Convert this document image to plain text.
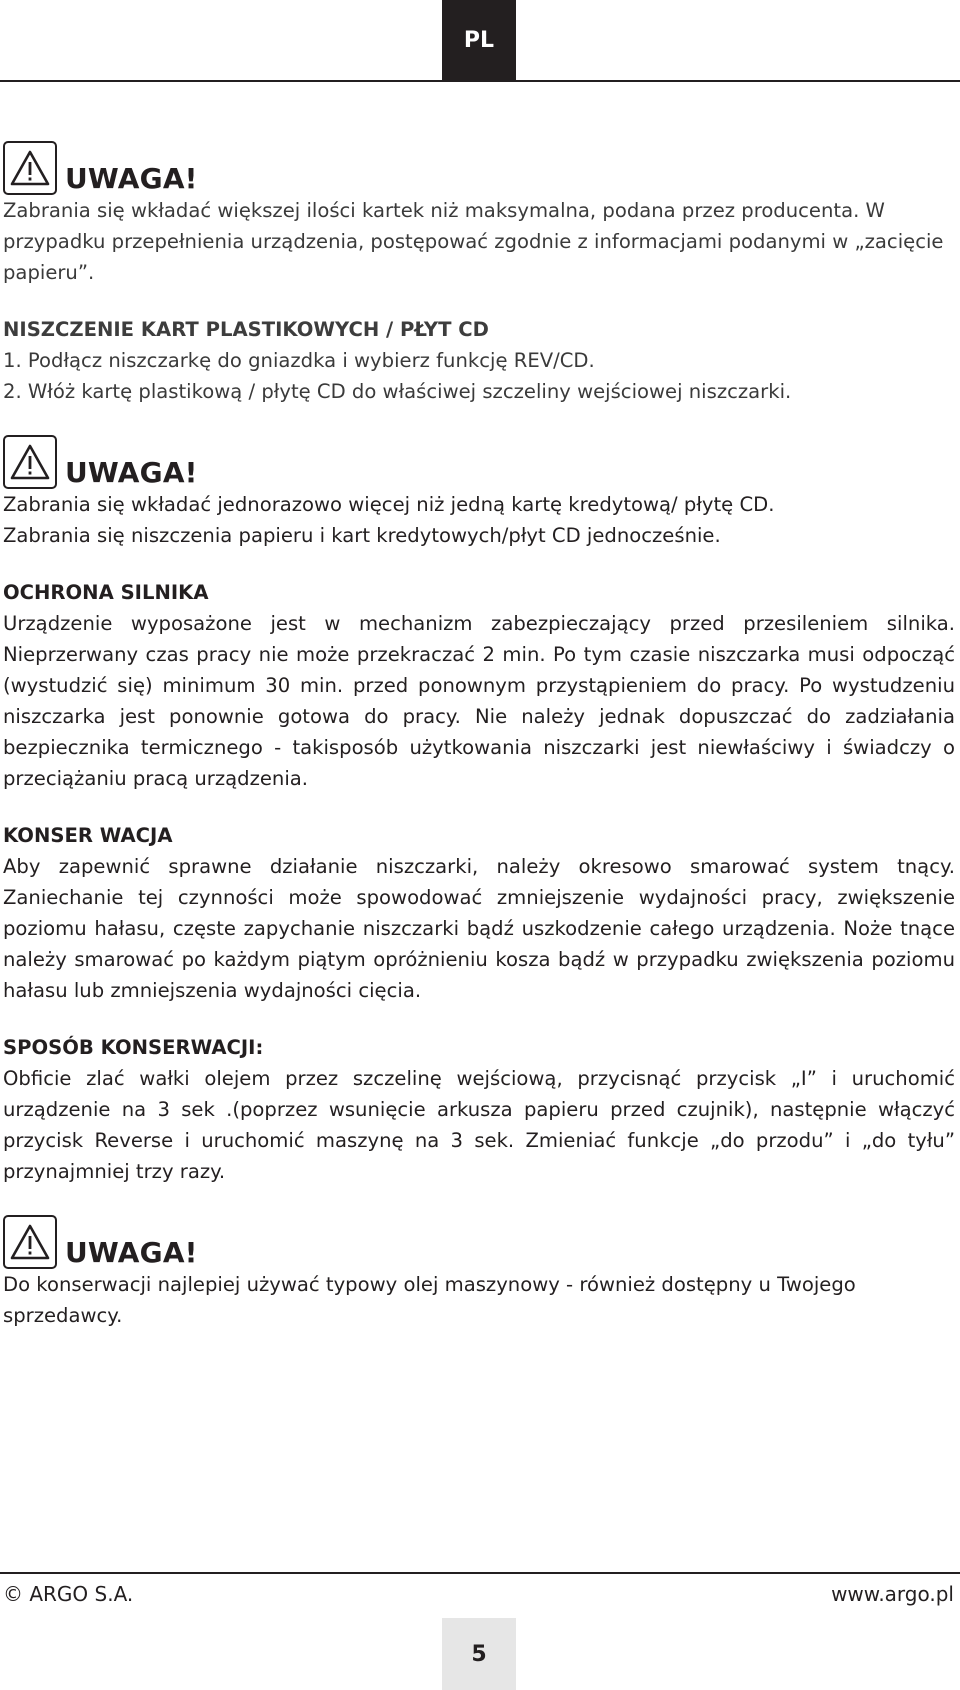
PL
UWAGA!

Zabrania się wkładać większej ilości kartek niż maksymalna, podana przez producenta. W przypadku przepełnienia urządzenia, postępować zgodnie z informacjami podanymi w „zacięcie papieru”.

NISZCZENIE KART PLASTIKOWYCH / PŁYT CD

1. Podłącz niszczarkę do gniazdka i wybierz funkcję REV/CD.

2. Włóż kartę plastikową / płytę CD do właściwej szczeliny wejściowej niszczarki.

UWAGA!

Zabrania się wkładać jednorazowo więcej niż jedną kartę kredytową/ płytę CD.

Zabrania się niszczenia papieru i kart kredytowych/płyt CD jednocześnie.

OCHRONA SILNIKA

Urządzenie wyposażone jest w mechanizm zabezpieczający przed przesileniem silnika. Nieprzerwany czas pracy nie może przekraczać 2 min. Po tym czasie niszczarka musi odpocząć (wystudzić się) minimum 30 min. przed ponownym przystąpieniem do pracy. Po wystudzeniu niszczarka jest ponownie gotowa do pracy. Nie należy jednak dopuszczać do zadziałania bezpiecznika termicznego - takisposób użytkowania niszczarki jest niewłaściwy i świadczy o przeciążaniu pracą urządzenia.

KONSER WACJA

Aby zapewnić sprawne działanie niszczarki, należy okresowo smarować system tnący. Zaniechanie tej czynności może spowodować zmniejszenie wydajności pracy, zwiększenie poziomu hałasu, częste zapychanie niszczarki bądź uszkodzenie całego urządzenia. Noże tnące należy smarować po każdym piątym opróżnieniu kosza bądź w przypadku zwiększenia poziomu hałasu lub zmniejszenia wydajności cięcia.

SPOSÓB KONSERWACJI:

Obficie zlać wałki olejem przez szczelinę wejściową, przycisnąć przycisk „I” i uruchomić urządzenie na 3 sek .(poprzez wsunięcie arkusza papieru przed czujnik), następnie włączyć przycisk Reverse i uruchomić maszynę na 3 sek. Zmieniać funkcje „do przodu” i „do tyłu” przynajmniej trzy razy.

UWAGA!

Do konserwacji najlepiej używać typowy olej maszynowy - również dostępny u Twojego sprzedawcy.

© ARGO S.A.	www.argo.pl
5
